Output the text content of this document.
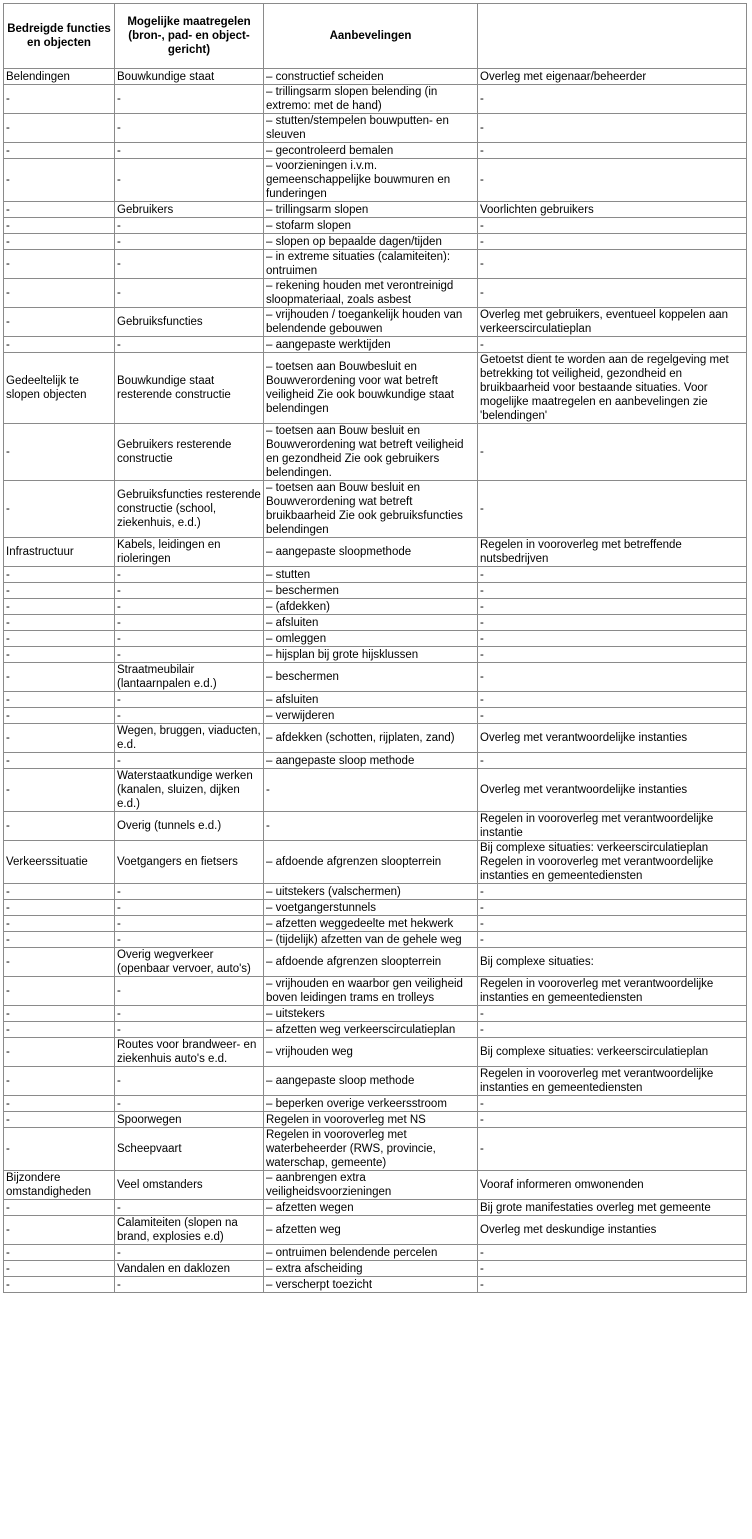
Bedreigde functies en objecten	Mogelijke maatregelen (bron-, pad- en object-gericht)	Aanbevelingen	
Belendingen	Bouwkundige staat	– constructief scheiden	Overleg met eigenaar/beheerder
-	-	– trillingsarm slopen belending (in extremo: met de hand)	-
-	-	– stutten/stempelen bouwputten- en sleuven	-
-	-	– gecontroleerd bemalen	-
-	-	– voorzieningen i.v.m. gemeenschappelijke bouwmuren en funderingen	-
-	Gebruikers	– trillingsarm slopen	Voorlichten gebruikers
-	-	– stofarm slopen	-
-	-	– slopen op bepaalde dagen/tijden	-
-	-	– in extreme situaties (calamiteiten): ontruimen	-
-	-	– rekening houden met verontreinigd sloopmateriaal, zoals asbest	-
-	Gebruiksfuncties	– vrijhouden / toegankelijk houden van belendende gebouwen	Overleg met gebruikers, eventueel koppelen aan verkeerscirculatieplan
-	-	– aangepaste werktijden	-
Gedeeltelijk te slopen objecten	Bouwkundige staat resterende constructie	– toetsen aan Bouwbesluit en Bouwverordening voor wat betreft veiligheid Zie ook bouwkundige staat belendingen	Getoetst dient te worden aan de regelgeving met betrekking tot veiligheid, gezondheid en bruikbaarheid voor bestaande situaties. Voor mogelijke maatregelen en aanbevelingen zie 'belendingen'
-	Gebruikers resterende constructie	– toetsen aan Bouw besluit en Bouwverordening wat betreft veiligheid en gezondheid Zie ook gebruikers belendingen.	-
-	Gebruiksfuncties resterende constructie (school, ziekenhuis, e.d.)	– toetsen aan Bouw besluit en Bouwverordening wat betreft bruikbaarheid Zie ook gebruiksfuncties belendingen	-
Infrastructuur	Kabels, leidingen en rioleringen	– aangepaste sloopmethode	Regelen in vooroverleg met betreffende nutsbedrijven
-	-	– stutten	-
-	-	– beschermen	-
-	-	– (afdekken)	-
-	-	– afsluiten	-
-	-	– omleggen	-
-	-	– hijsplan bij grote hijsklussen	-
-	Straatmeubilair (lantaarnpalen e.d.)	– beschermen	-
-	-	– afsluiten	-
-	-	– verwijderen	-
-	Wegen, bruggen, viaducten, e.d.	– afdekken (schotten, rijplaten, zand)	Overleg met verantwoordelijke instanties
-	-	– aangepaste sloop methode	-
-	Waterstaatkundige werken (kanalen, sluizen, dijken e.d.)	-	Overleg met verantwoordelijke instanties
-	Overig (tunnels e.d.)	-	Regelen in vooroverleg met verantwoordelijke instantie
Verkeerssituatie	Voetgangers en fietsers	– afdoende afgrenzen sloopterrein	Bij complexe situaties: verkeerscirculatieplan Regelen in vooroverleg met verantwoordelijke instanties en gemeentediensten
-	-	– uitstekers (valschermen)	-
-	-	– voetgangerstunnels	-
-	-	– afzetten weggedeelte met hekwerk	-
-	-	– (tijdelijk) afzetten van de gehele weg	-
-	Overig wegverkeer (openbaar vervoer, auto's)	– afdoende afgrenzen sloopterrein	Bij complexe situaties:
-	-	– vrijhouden en waarbor gen veiligheid boven leidingen trams en trolleys	Regelen in vooroverleg met verantwoordelijke instanties en gemeentediensten
-	-	– uitstekers	-
-	-	– afzetten weg verkeerscirculatieplan	-
-	Routes voor brandweer- en ziekenhuis auto's e.d.	– vrijhouden weg	Bij complexe situaties: verkeerscirculatieplan
-	-	– aangepaste sloop methode	Regelen in vooroverleg met verantwoordelijke instanties en gemeentediensten
-	-	– beperken overige verkeersstroom	-
-	Spoorwegen	Regelen in vooroverleg met NS	-
-	Scheepvaart	Regelen in vooroverleg met waterbeheerder (RWS, provincie, waterschap, gemeente)	-
Bijzondere omstandigheden	Veel omstanders	– aanbrengen extra veiligheidsvoorzieningen	Vooraf informeren omwonenden
-	-	– afzetten wegen	Bij grote manifestaties overleg met gemeente
-	Calamiteiten (slopen na brand, explosies e.d)	– afzetten weg	Overleg met deskundige instanties
-	-	– ontruimen belendende percelen	-
-	Vandalen en daklozen	– extra afscheiding	-
-	-	– verscherpt toezicht	-
